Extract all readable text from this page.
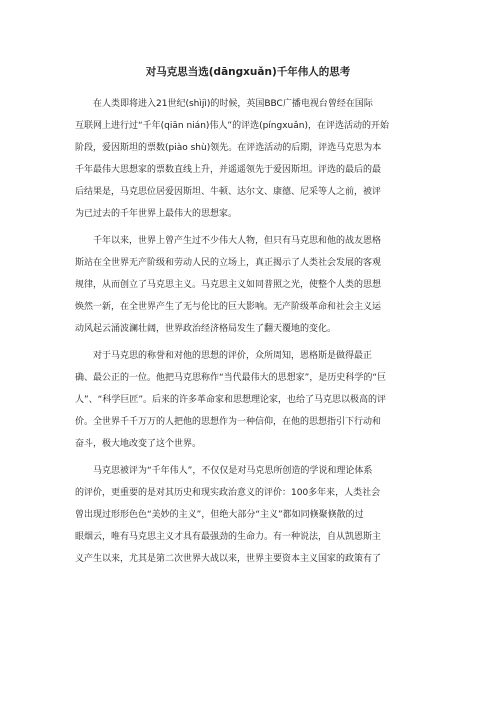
对马克思当选(dāngxuǎn)千年伟人的思考
在人类即将进入21世纪(shìjì)的时候，英国BBC广播电视台曾经在国际
互联网上进行过“千年(qiān nián)伟人”的评选(píngxuǎn)，在评选活动的开始
阶段，爱因斯坦的票数(piào shù)领先。在评选活动的后期，评选马克思为本
千年最伟大思想家的票数直线上升，并遥遥领先于爱因斯坦。评选的最后的最
后结果是，马克思位居爱因斯坦、牛顿、达尔文、康德、尼采等人之前，被评
为已过去的千年世界上最伟大的思想家。
千年以来，世界上曾产生过不少伟大人物，但只有马克思和他的战友恩格
斯站在全世界无产阶级和劳动人民的立场上，真正揭示了人类社会发展的客观
规律，从而创立了马克思主义。马克思主义如同普照之光，使整个人类的思想
焕然一新，在全世界产生了无与伦比的巨大影响。无产阶级革命和社会主义运
动风起云涌波澜壮阔，世界政治经济格局发生了翻天覆地的变化。
对于马克思的称誉和对他的思想的评价，众所周知，恩格斯是做得最正
确、最公正的一位。他把马克思称作“当代最伟大的思想家”，是历史科学的“巨
人”、“科学巨匠”。后来的许多革命家和思想理论家，也给了马克思以极高的评
价。全世界千千万万的人把他的思想作为一种信仰，在他的思想指引下行动和
奋斗，极大地改变了这个世界。
马克思被评为“千年伟人”，不仅仅是对马克思所创造的学说和理论体系
的评价，更重要的是对其历史和现实政治意义的评价：100多年来，人类社会
曾出现过形形色色“美妙的主义”，但绝大部分“主义”都如同倏聚倏散的过
眼烟云，唯有马克思主义才具有最强劲的生命力。有一种说法，自从凯恩斯主
义产生以来，尤其是第二次世界大战以来，世界主要资本主义国家的政策有了
